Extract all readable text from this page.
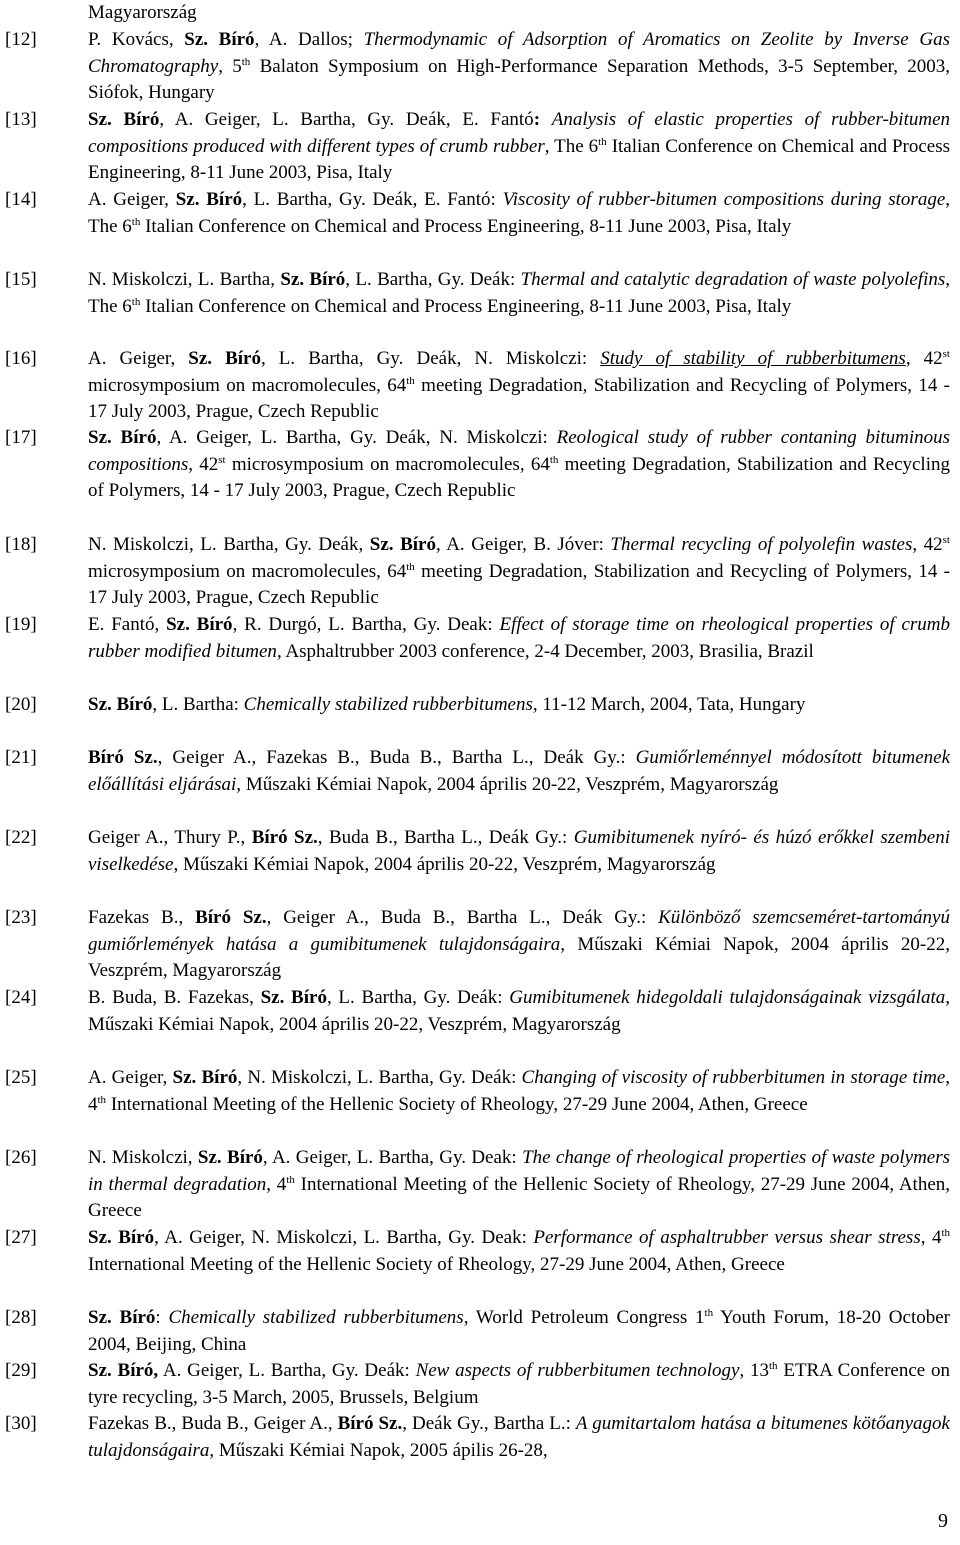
Magyarország
[12]	P. Kovács, Sz. Bíró, A. Dallos; Thermodynamic of Adsorption of Aromatics on Zeolite by Inverse Gas Chromatography, 5th Balaton Symposium on High-Performance Separation Methods, 3-5 September, 2003, Siófok, Hungary
[13]	Sz. Bíró, A. Geiger, L. Bartha, Gy. Deák, E. Fantó: Analysis of elastic properties of rubber-bitumen compositions produced with different types of crumb rubber, The 6th Italian Conference on Chemical and Process Engineering, 8-11 June 2003, Pisa, Italy
[14]	A. Geiger, Sz. Bíró, L. Bartha, Gy. Deák, E. Fantó: Viscosity of rubber-bitumen compositions during storage, The 6th Italian Conference on Chemical and Process Engineering, 8-11 June 2003, Pisa, Italy
[15]	N. Miskolczi, L. Bartha, Sz. Bíró, L. Bartha, Gy. Deák: Thermal and catalytic degradation of waste polyolefins, The 6th Italian Conference on Chemical and Process Engineering, 8-11 June 2003, Pisa, Italy
[16]	A. Geiger, Sz. Bíró, L. Bartha, Gy. Deák, N. Miskolczi: Study of stability of rubberbitumens, 42st microsymposium on macromolecules, 64th meeting Degradation, Stabilization and Recycling of Polymers, 14 - 17 July 2003, Prague, Czech Republic
[17]	Sz. Bíró, A. Geiger, L. Bartha, Gy. Deák, N. Miskolczi: Reological study of rubber contaning bituminous compositions, 42st microsymposium on macromolecules, 64th meeting Degradation, Stabilization and Recycling of Polymers, 14 - 17 July 2003, Prague, Czech Republic
[18]	N. Miskolczi, L. Bartha, Gy. Deák, Sz. Bíró, A. Geiger, B. Jóver: Thermal recycling of polyolefin wastes, 42st microsymposium on macromolecules, 64th meeting Degradation, Stabilization and Recycling of Polymers, 14 - 17 July 2003, Prague, Czech Republic
[19]	E. Fantó, Sz. Bíró, R. Durgó, L. Bartha, Gy. Deak: Effect of storage time on rheological properties of crumb rubber modified bitumen, Asphaltrubber 2003 conference, 2-4 December, 2003, Brasilia, Brazil
[20]	Sz. Bíró, L. Bartha: Chemically stabilized rubberbitumens, 11-12 March, 2004, Tata, Hungary
[21]	Bíró Sz., Geiger A., Fazekas B., Buda B., Bartha L., Deák Gy.: Gumiőrleménnyel módosított bitumenek előállítási eljárásai, Műszaki Kémiai Napok, 2004 április 20-22, Veszprém, Magyarország
[22]	Geiger A., Thury P., Bíró Sz., Buda B., Bartha L., Deák Gy.: Gumibitumenek nyíró- és húzó erőkkel szembeni viselkedése, Műszaki Kémiai Napok, 2004 április 20-22, Veszprém, Magyarország
[23]	Fazekas B., Bíró Sz., Geiger A., Buda B., Bartha L., Deák Gy.: Különböző szemcseméret-tartományú gumiőrlemények hatása a gumibitumenek tulajdonságaira, Műszaki Kémiai Napok, 2004 április 20-22, Veszprém, Magyarország
[24]	B. Buda, B. Fazekas, Sz. Bíró, L. Bartha, Gy. Deák: Gumibitumenek hidegoldali tulajdonságainak vizsgálata, Műszaki Kémiai Napok, 2004 április 20-22, Veszprém, Magyarország
[25]	A. Geiger, Sz. Bíró, N. Miskolczi, L. Bartha, Gy. Deák: Changing of viscosity of rubberbitumen in storage time, 4th International Meeting of the Hellenic Society of Rheology, 27-29 June 2004, Athen, Greece
[26]	N. Miskolczi, Sz. Bíró, A. Geiger, L. Bartha, Gy. Deak: The change of rheological properties of waste polymers in thermal degradation, 4th International Meeting of the Hellenic Society of Rheology, 27-29 June 2004, Athen, Greece
[27]	Sz. Bíró, A. Geiger, N. Miskolczi, L. Bartha, Gy. Deak: Performance of asphaltrubber versus shear stress, 4th International Meeting of the Hellenic Society of Rheology, 27-29 June 2004, Athen, Greece
[28]	Sz. Bíró: Chemically stabilized rubberbitumens, World Petroleum Congress 1th Youth Forum, 18-20 October 2004, Beijing, China
[29]	Sz. Bíró, A. Geiger, L. Bartha, Gy. Deák: New aspects of rubberbitumen technology, 13th ETRA Conference on tyre recycling, 3-5 March, 2005, Brussels, Belgium
[30]	Fazekas B., Buda B., Geiger A., Bíró Sz., Deák Gy., Bartha L.: A gumitartalom hatása a bitumenes kötőanyagok tulajdonságaira, Műszaki Kémiai Napok, 2005 ápilis 26-28,
9
